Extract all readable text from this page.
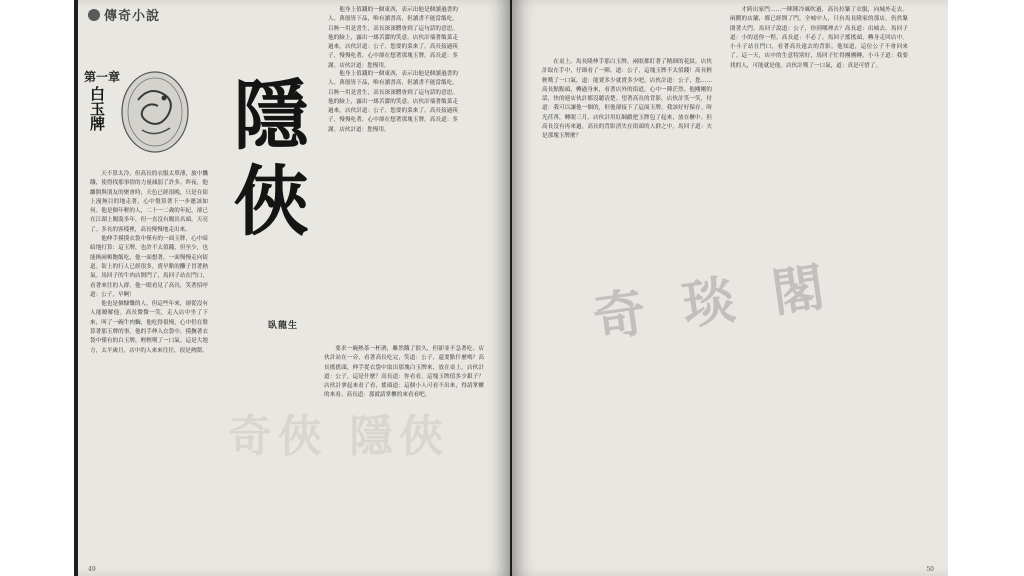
傳奇小說
奇俠 隱俠
第一章
白玉牌 隱俠
臥龍生

天不算太冷，但高長的衣服太單薄，旅中饑餓，使得找那事情的力量減弱了許多。昨夜，他離開與朋友的聚會時，天色已經很晚，只是在街上漫無目的地走著，心中盤算著下一步應該如何。他是個年輕的人，二十一二歲的年紀，卻已在江湖上闖蕩多年，但一直沒有闖出名頭。天亮了。多長的客棧裡，高長慢慢地走出來。

他伸手摸摸衣袋中僅有的一面玉牌，心中暗暗地打算：這玉牌，也許不太值錢，但至少，也能換兩頓飽飯吃，他一面想著，一面慢慢走向街道。街上的行人已經很多，賣早點的攤子冒著熱氣。馬回子的牛肉店開門了，馬回子站在門口，看著來往的人群。他一眼看見了高長，笑著招呼道：公子，早啊！

他也是個慷慨的人，但這些年來，卻從沒有人能瞭解他。高長微微一笑，走入店中坐了下來，叫了一碗牛肉麵，他吃得很慢，心中仍在盤算著那玉牌的事。他的手伸入衣袋中，摸撫著衣袋中僅有的白玉牌，輕輕嘆了一口氣。這是大地方，太平歲月，店中的人來來往往，很是熱鬧。

他身上值錢的一個東西，表示出他是個讀過書的人。萬般皆下品，唯有讀書高，但讀書不能當飯吃。百無一用是書生，高長深深體會到了這句話的意思。他的臉上，露出一絲苦澀的笑意。店伙計端著飯菜走過來。店伙計道：公子，您要的菜來了。高長接過筷子，慢慢吃著，心中卻在想著那塊玉牌。高長道：多謝。店伙計道：您慢用。

他身上值錢的一個東西，表示出他是個讀過書的人。萬般皆下品，唯有讀書高，但讀書不能當飯吃。百無一用是書生，高長深深體會到了這句話的意思。他的臉上，露出一絲苦澀的笑意。店伙計端著飯菜走過來。店伙計道：公子，您要的菜來了。高長接過筷子，慢慢吃著，心中卻在想著那塊玉牌。高長道：多謝。店伙計道：您慢用。

要求一碗熱茶一杯酒，雖然餓了很久，但卻並不急著吃。店伙計站在一旁，看著高長吃完，笑道：公子，還要點什麼嗎？高長搖搖頭，伸手從衣袋中取出那塊白玉牌來，放在桌上。店伙計道：公子，這是什麼？高長道：你看看，這塊玉牌值多少銀子？店伙計拿起來看了看，搖頭道：這個小人可看不出來，得請掌櫃的來看。高長道：那就請掌櫃的來看看吧。

49
奇 琰 閣

在桌上。馬長隆伸手那白玉牌，兩眼都盯著了精細的花紋。店伙計取在手中，仔細看了一陣，道：公子，這塊玉牌不太值錢！高長輕輕嘆了一口氣，道：能賣多少就賣多少吧。店伙計道：公子，您……高長點點頭，轉過身來，看著店外的街道，心中一陣茫然。他剛剛的話，快的連店伙計都沒聽清楚。望著高長的背影，店伙計笑一笑，付道：我可以讓他一個的，但他卻接下了這面玉牌。我該好好保存。時光荏苒，轉眼三月。店伙計用紅綢緞把玉牌包了起來，放在櫃中。但高長沒有再來過。高長的背影消失在街頭的人群之中。馬回子道：夫是那塊玉牌麼？

才跨出家門……一陣陣冷風吹過，高長拉緊了衣服，向城外走去。兩側的店舖，都已經開了門。全城中人，只有馬長隆家的那店，仍然緊閉著大門。馬回子說道：公子，你到哪裡去？高長道：出城去。馬回子道：小的送你一程。高長道：不必了。馬回子搖搖頭，轉身走回店中。小斗子站在門口，看著高長遠去的背影。他知道，這位公子不會回來了。這一天，店中的生意特別好，馬回子忙得團團轉。小斗子道：我要找的人，可能就是他。店伙計嘆了一口氣，道：真是可惜了。

50
